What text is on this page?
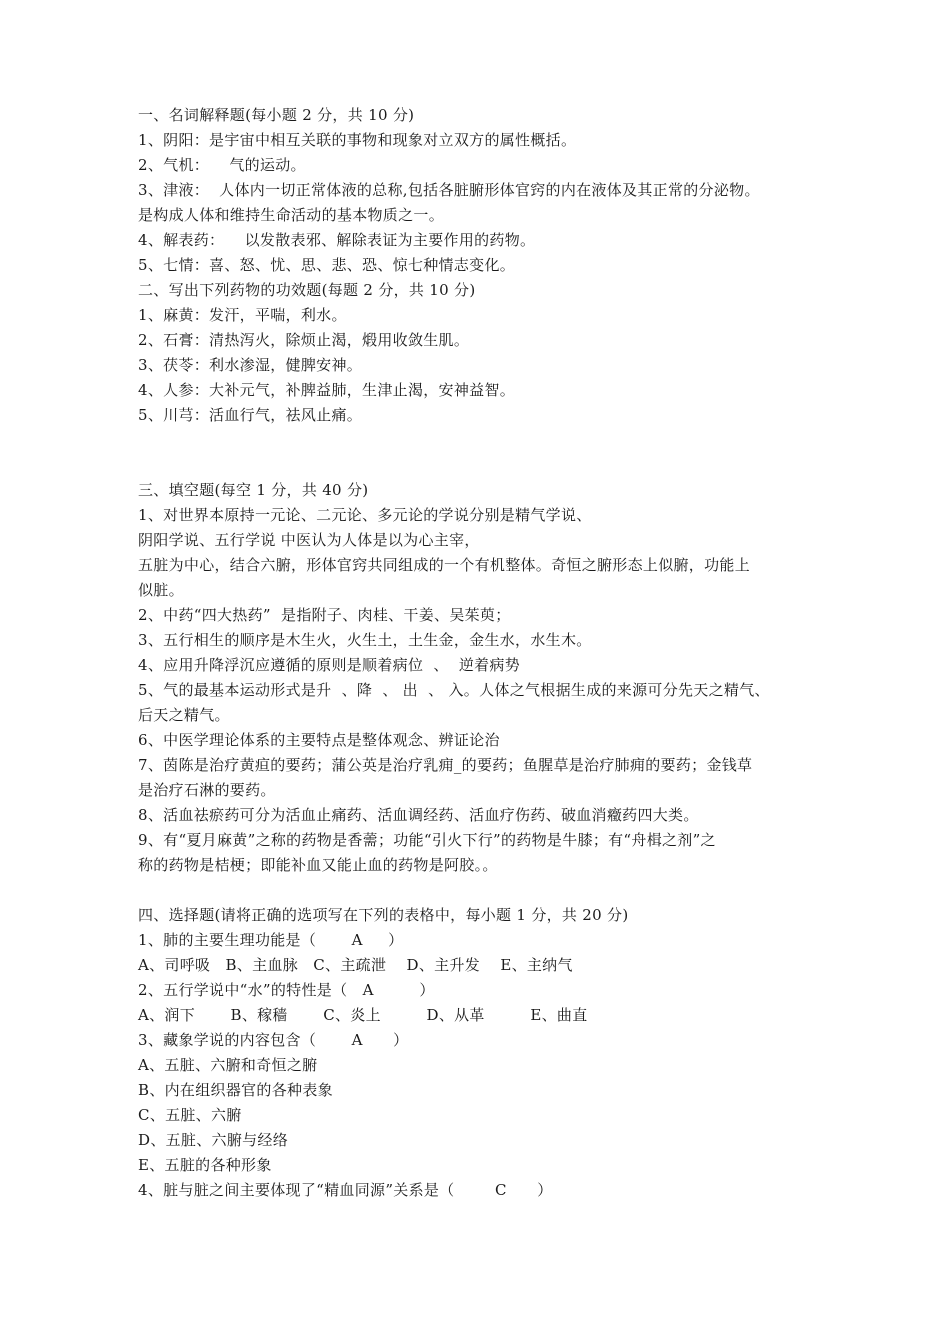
一、名词解释题(每小题 2 分，共 10 分)
1、阴阳：是宇宙中相互关联的事物和现象对立双方的属性概括。
2、气机：    气的运动。
3、津液：  人体内一切正常体液的总称,包括各脏腑形体官窍的内在液体及其正常的分泌物。
是构成人体和维持生命活动的基本物质之一。
4、解表药：    以发散表邪、解除表证为主要作用的药物。
5、七情：喜、怒、忧、思、悲、恐、惊七种情志变化。
二、写出下列药物的功效题(每题 2 分，共 10 分)
1、麻黄：发汗，平喘，利水。
2、石膏：清热泻火，除烦止渴，煅用收敛生肌。
3、茯苓：利水渗湿，健脾安神。
4、人参：大补元气，补脾益肺，生津止渴，安神益智。
5、川芎：活血行气，祛风止痛。
三、填空题(每空 1 分，共 40 分)
1、对世界本原持一元论、二元论、多元论的学说分别是精气学说、
阴阳学说、五行学说 中医认为人体是以为心主宰，
五脏为中心，结合六腑，形体官窍共同组成的一个有机整体。奇恒之腑形态上似腑，功能上
似脏。
2、中药“四大热药”  是指附子、肉桂、干姜、吴茱萸；
3、五行相生的顺序是木生火，火生土，土生金，金生水，水生木。
4、应用升降浮沉应遵循的原则是顺着病位  、  逆着病势
5、气的最基本运动形式是升  、降  、 出  、 入。人体之气根据生成的来源可分先天之精气、
后天之精气。
6、中医学理论体系的主要特点是整体观念、辨证论治
7、茵陈是治疗黄疸的要药；蒲公英是治疗乳痈_的要药；鱼腥草是治疗肺痈的要药；金钱草
是治疗石淋的要药。
8、活血祛瘀药可分为活血止痛药、活血调经药、活血疗伤药、破血消癥药四大类。
9、有“夏月麻黄”之称的药物是香薷；功能“引火下行”的药物是牛膝；有“舟楫之剂”之
称的药物是桔梗；即能补血又能止血的药物是阿胶。。
四、选择题(请将正确的选项写在下列的表格中，每小题 1 分，共 20 分)
1、肺的主要生理功能是（       A     ）
A、司呼吸   B、主血脉   C、主疏泄    D、主升发    E、主纳气
2、五行学说中“水”的特性是（   A         ）
A、润下       B、稼穑       C、炎上         D、从革         E、曲直
3、藏象学说的内容包含（       A      ）
A、五脏、六腑和奇恒之腑
B、内在组织器官的各种表象
C、五脏、六腑
D、五脏、六腑与经络
E、五脏的各种形象
4、脏与脏之间主要体现了“精血同源”关系是（        C      ）
